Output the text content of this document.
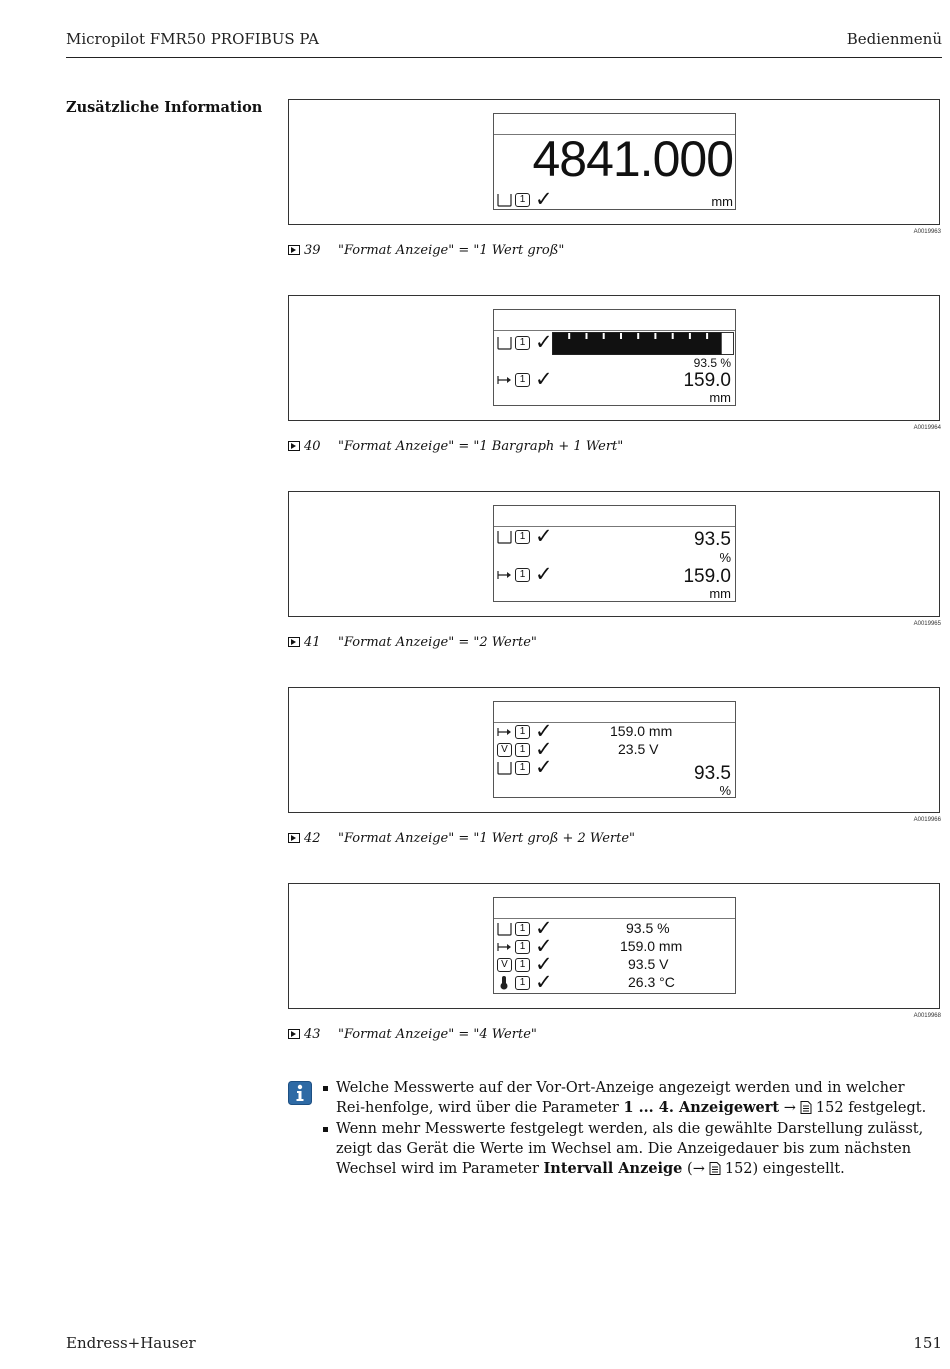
Micropilot FMR50 PROFIBUS PA	Bedienmenü
Zusätzliche Information
4841.000
1 ✓	mm
A0019963
39 "Format Anzeige" = "1 Wert groß"
1 ✓
93.5 %
1 ✓	159.0
mm
A0019964
40 "Format Anzeige" = "1 Bargraph + 1 Wert"
1 ✓	93.5
%
1 ✓	159.0
mm
A0019965
41 "Format Anzeige" = "2 Werte"
1 ✓	159.0 mm
V	1 ✓	23.5 V
1 ✓	93.5
%
A0019966
42 "Format Anzeige" = "1 Wert groß + 2 Werte"
1 ✓	93.5 %
1 ✓	159.0 mm
V	1 ✓	93.5 V
1 ✓	26.3 °C
A0019968
43 "Format Anzeige" = "4 Werte"
Welche Messwerte auf der Vor-Ort-Anzeige angezeigt werden und in welcher Rei-henfolge, wird über die Parameter 1 ... 4. Anzeigewert → 152 festgelegt.
Wenn mehr Messwerte festgelegt werden, als die gewählte Darstellung zulässt, zeigt das Gerät die Werte im Wechsel am. Die Anzeigedauer bis zum nächsten Wechsel wird im Parameter Intervall Anzeige (→ 152) eingestellt.
Endress+Hauser	151
